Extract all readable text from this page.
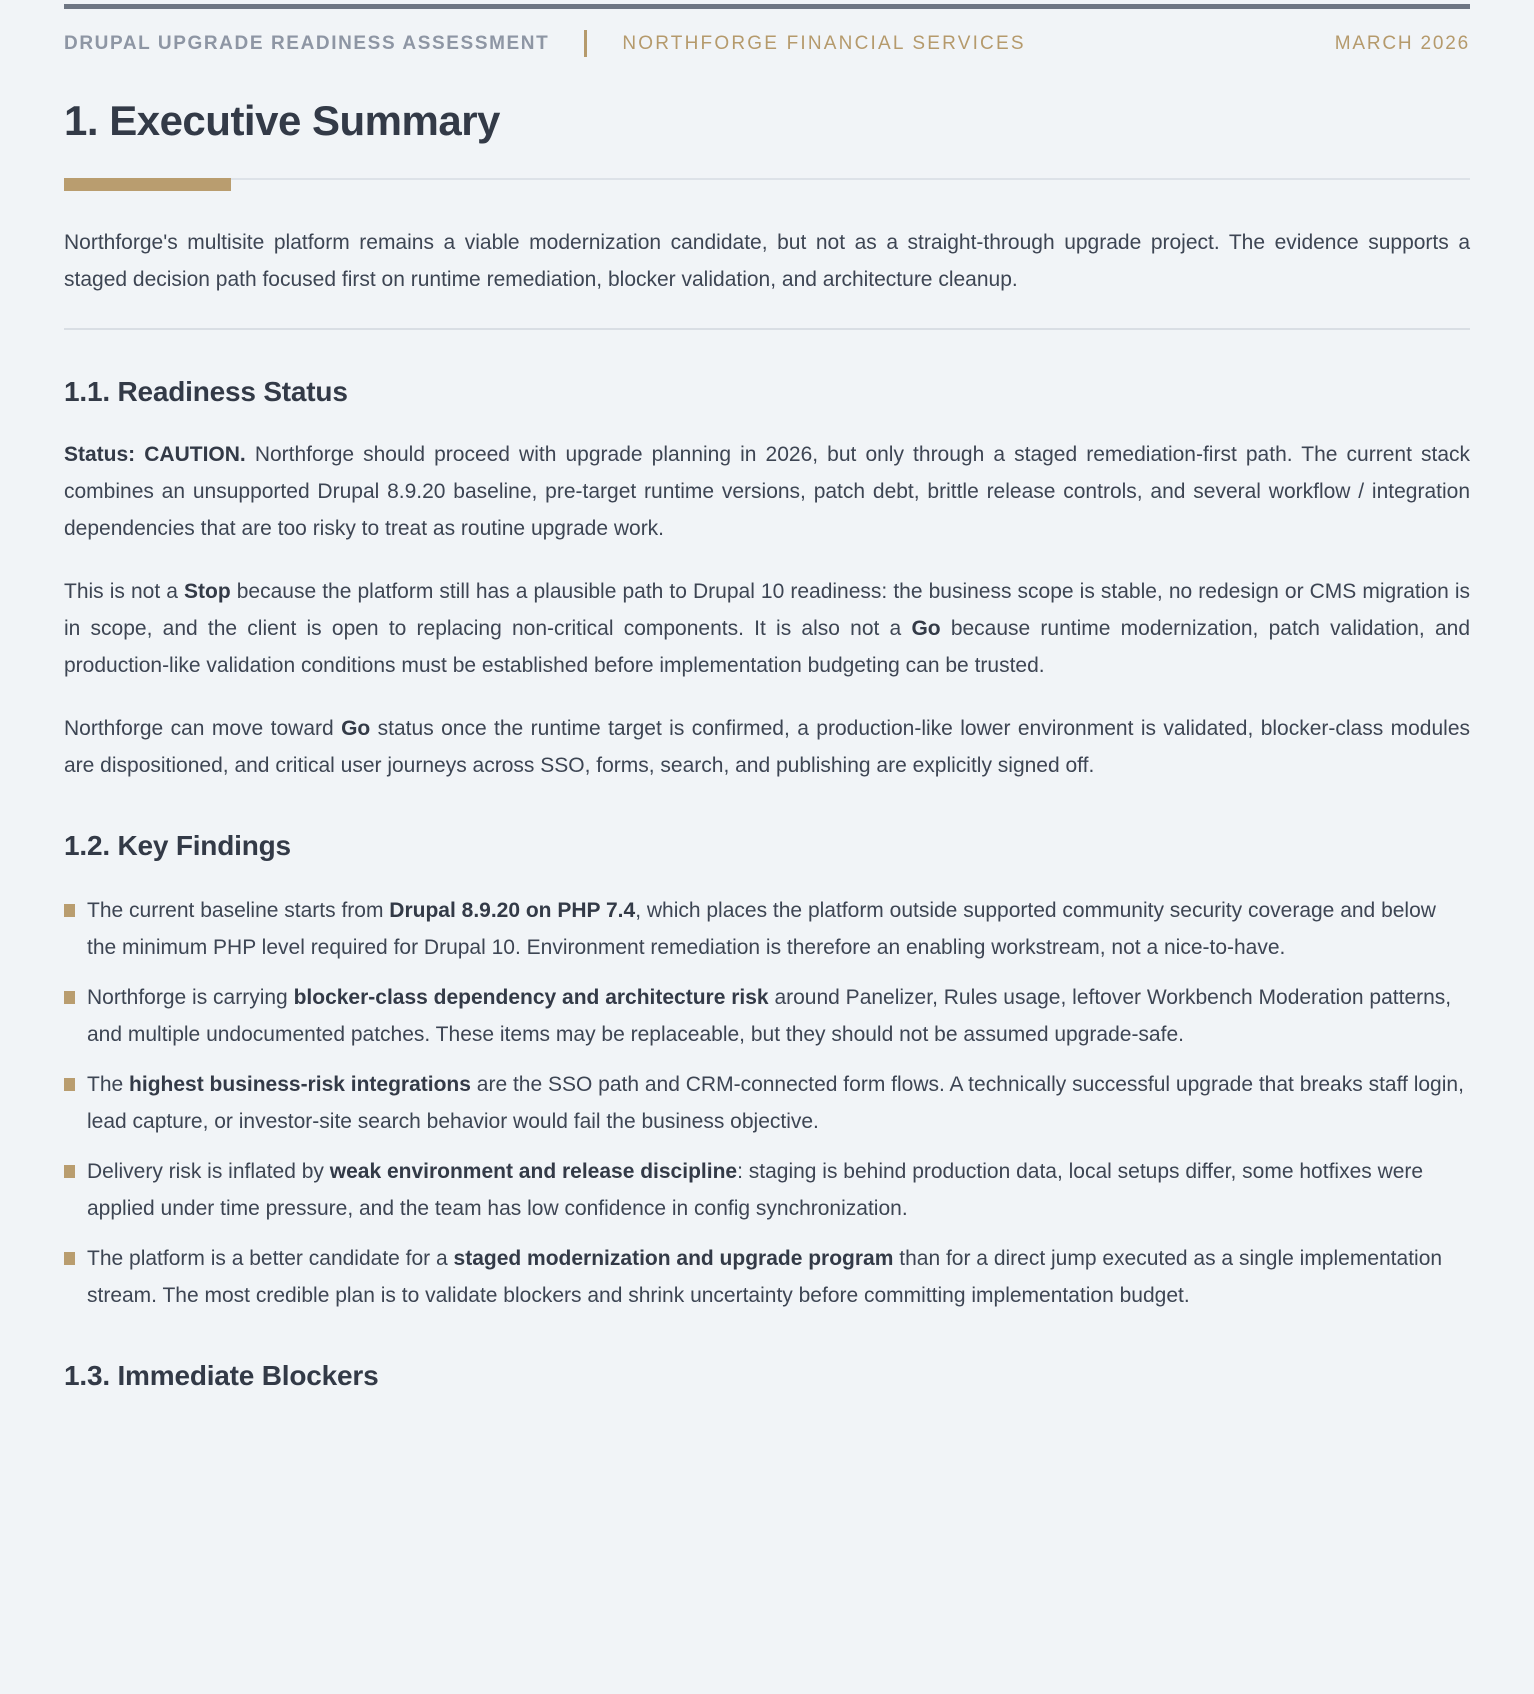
DRUPAL UPGRADE READINESS ASSESSMENT	NORTHFORGE FINANCIAL SERVICES	MARCH 2026
1. Executive Summary

Northforge's multisite platform remains a viable modernization candidate, but not as a straight-through upgrade project. The evidence supports a staged decision path focused first on runtime remediation, blocker validation, and architecture cleanup.

1.1. Readiness Status

Status: CAUTION. Northforge should proceed with upgrade planning in 2026, but only through a staged remediation-first path. The current stack combines an unsupported Drupal 8.9.20 baseline, pre-target runtime versions, patch debt, brittle release controls, and several workflow / integration dependencies that are too risky to treat as routine upgrade work.

This is not a Stop because the platform still has a plausible path to Drupal 10 readiness: the business scope is stable, no redesign or CMS migration is in scope, and the client is open to replacing non-critical components. It is also not a Go because runtime modernization, patch validation, and production-like validation conditions must be established before implementation budgeting can be trusted.

Northforge can move toward Go status once the runtime target is confirmed, a production-like lower environment is validated, blocker-class modules are dispositioned, and critical user journeys across SSO, forms, search, and publishing are explicitly signed off.

1.2. Key Findings
The current baseline starts from Drupal 8.9.20 on PHP 7.4, which places the platform outside supported community security coverage and below the minimum PHP level required for Drupal 10. Environment remediation is therefore an enabling workstream, not a nice-to-have.
Northforge is carrying blocker-class dependency and architecture risk around Panelizer, Rules usage, leftover Workbench Moderation patterns, and multiple undocumented patches. These items may be replaceable, but they should not be assumed upgrade-safe.
The highest business-risk integrations are the SSO path and CRM-connected form flows. A technically successful upgrade that breaks staff login, lead capture, or investor-site search behavior would fail the business objective.
Delivery risk is inflated by weak environment and release discipline: staging is behind production data, local setups differ, some hotfixes were applied under time pressure, and the team has low confidence in config synchronization.
The platform is a better candidate for a staged modernization and upgrade program than for a direct jump executed as a single implementation stream. The most credible plan is to validate blockers and shrink uncertainty before committing implementation budget.
1.3. Immediate Blockers
